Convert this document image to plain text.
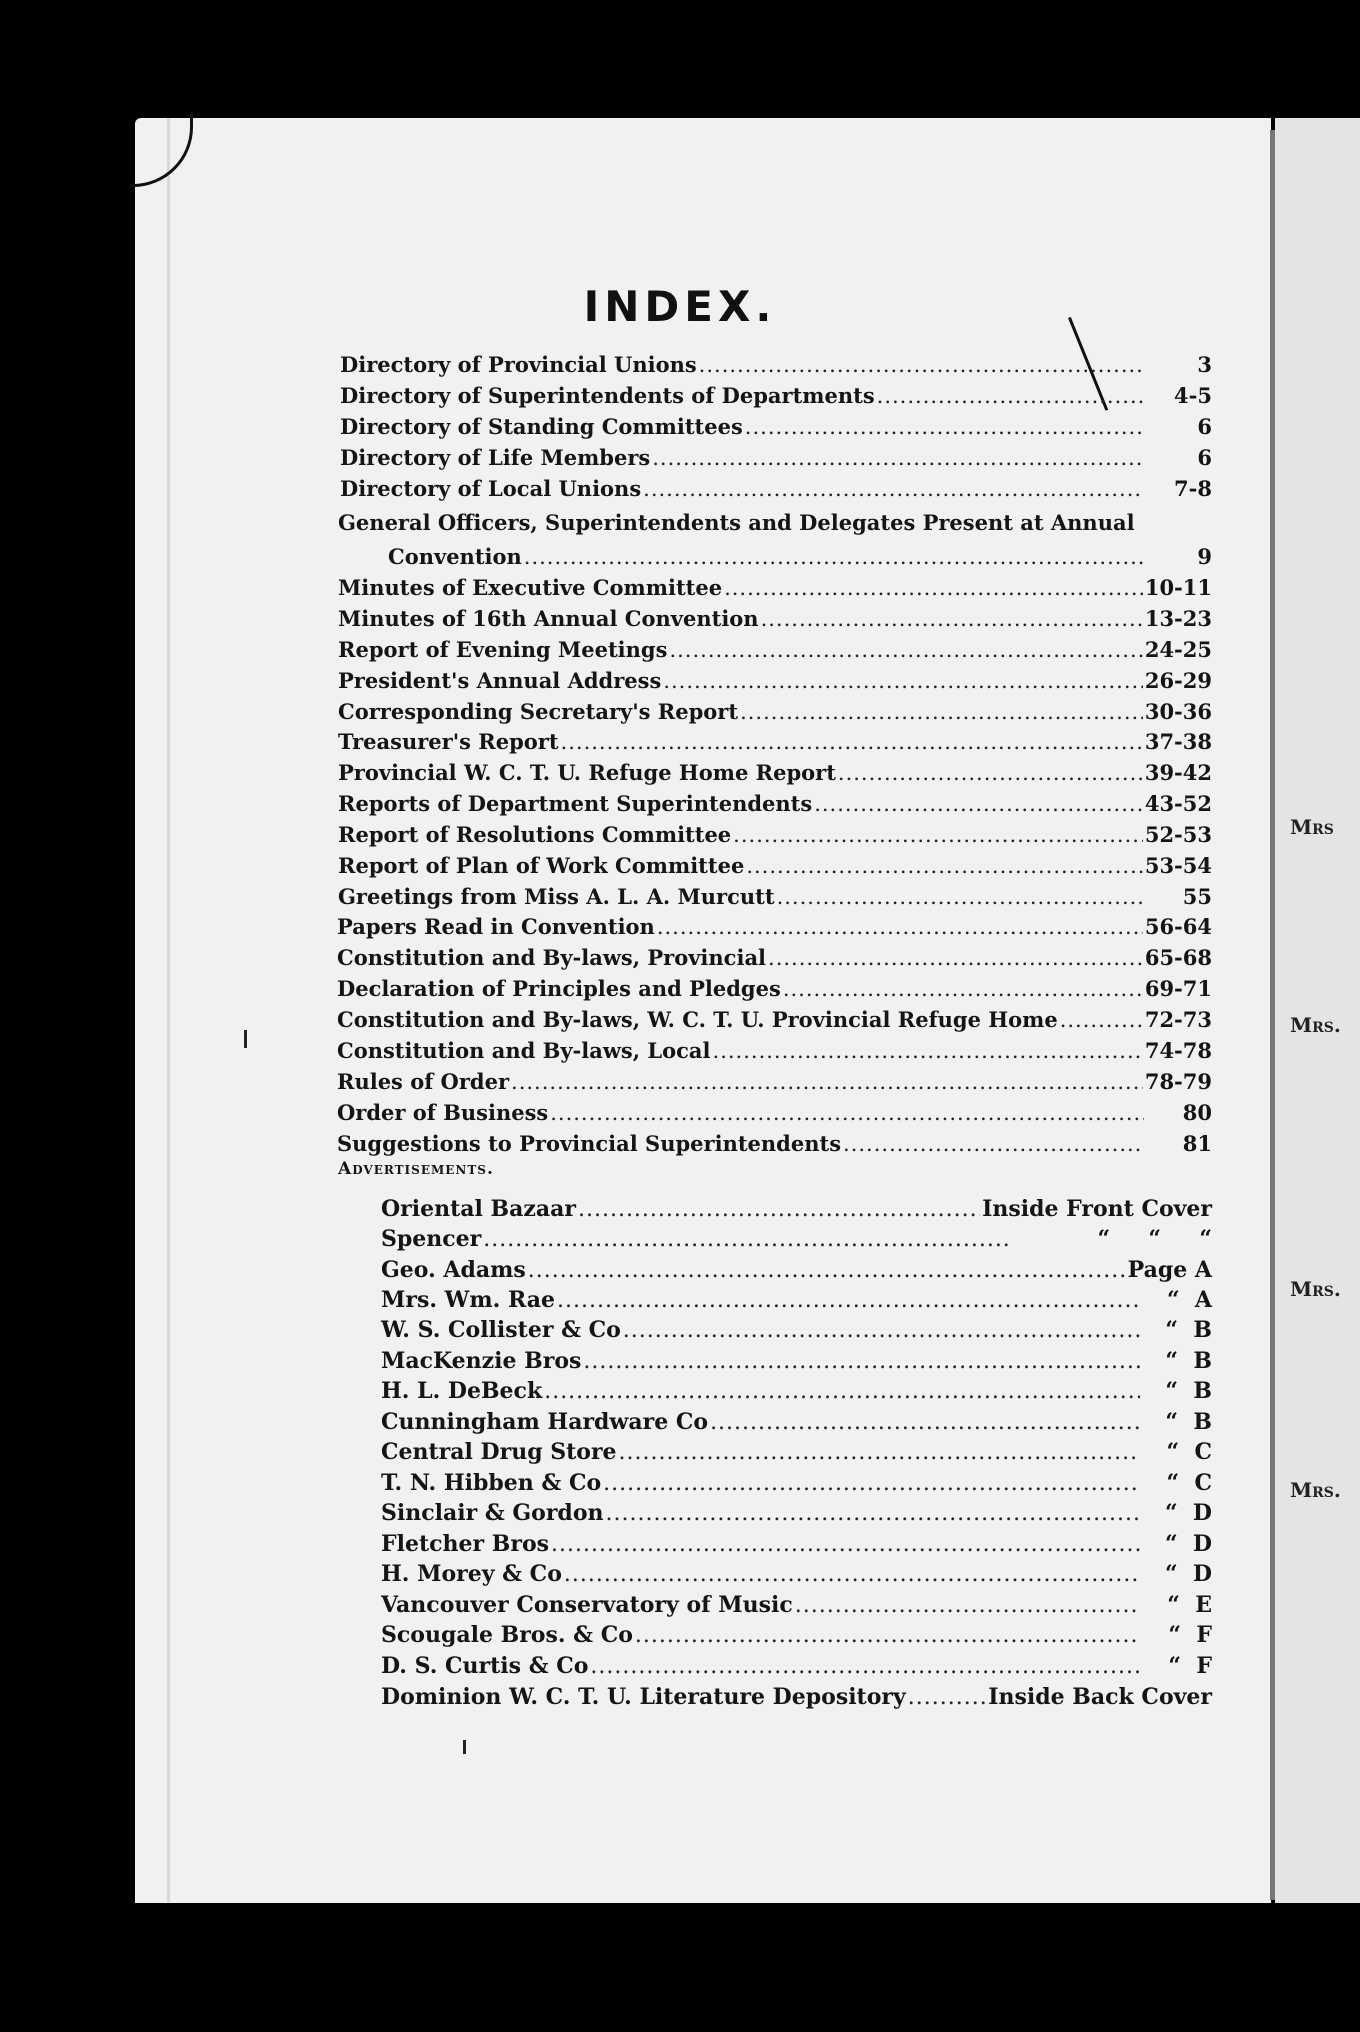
INDEX.
Directory of Provincial Unions .....	3
Directory of Superintendents of Departments .....	4-5
Directory of Standing Committees .....	6
Directory of Life Members .....	6
Directory of Local Unions .....	7-8
General Officers, Superintendents and Delegates Present at Annual
Convention .....	9
Minutes of Executive Committee .....	10-11
Minutes of 16th Annual Convention .....	13-23
Report of Evening Meetings .....	24-25
President's Annual Address .....	26-29
Corresponding Secretary's Report .....	30-36
Treasurer's Report .....	37-38
Provincial W. C. T. U. Refuge Home Report .....	39-42
Reports of Department Superintendents .....	43-52
Report of Resolutions Committee .....	52-53
Report of Plan of Work Committee .....	53-54
Greetings from Miss A. L. A. Murcutt .....	55
Papers Read in Convention .....	56-64
Constitution and By-laws, Provincial .....	65-68
Declaration of Principles and Pledges .....	69-71
Constitution and By-laws, W. C. T. U. Provincial Refuge Home .....	72-73
Constitution and By-laws, Local .....	74-78
Rules of Order .....	78-79
Order of Business .....	80
Suggestions to Provincial Superintendents .....	81
Advertisements.
Oriental Bazaar .....	Inside Front Cover
Spencer .....	“     “     “
Geo. Adams .....	Page A
Mrs. Wm. Rae .....	“  A
W. S. Collister & Co .....	“  B
MacKenzie Bros .....	“  B
H. L. DeBeck .....	“  B
Cunningham Hardware Co .....	“  B
Central Drug Store .....	“  C
T. N. Hibben & Co .....	“  C
Sinclair & Gordon .....	“  D
Fletcher Bros .....	“  D
H. Morey & Co .....	“  D
Vancouver Conservatory of Music .....	“  E
Scougale Bros. & Co .....	“  F
D. S. Curtis & Co .....	“  F
Dominion W. C. T. U. Literature Depository .....	Inside Back Cover
Mrs
Mrs.
Mrs.
Mrs.
